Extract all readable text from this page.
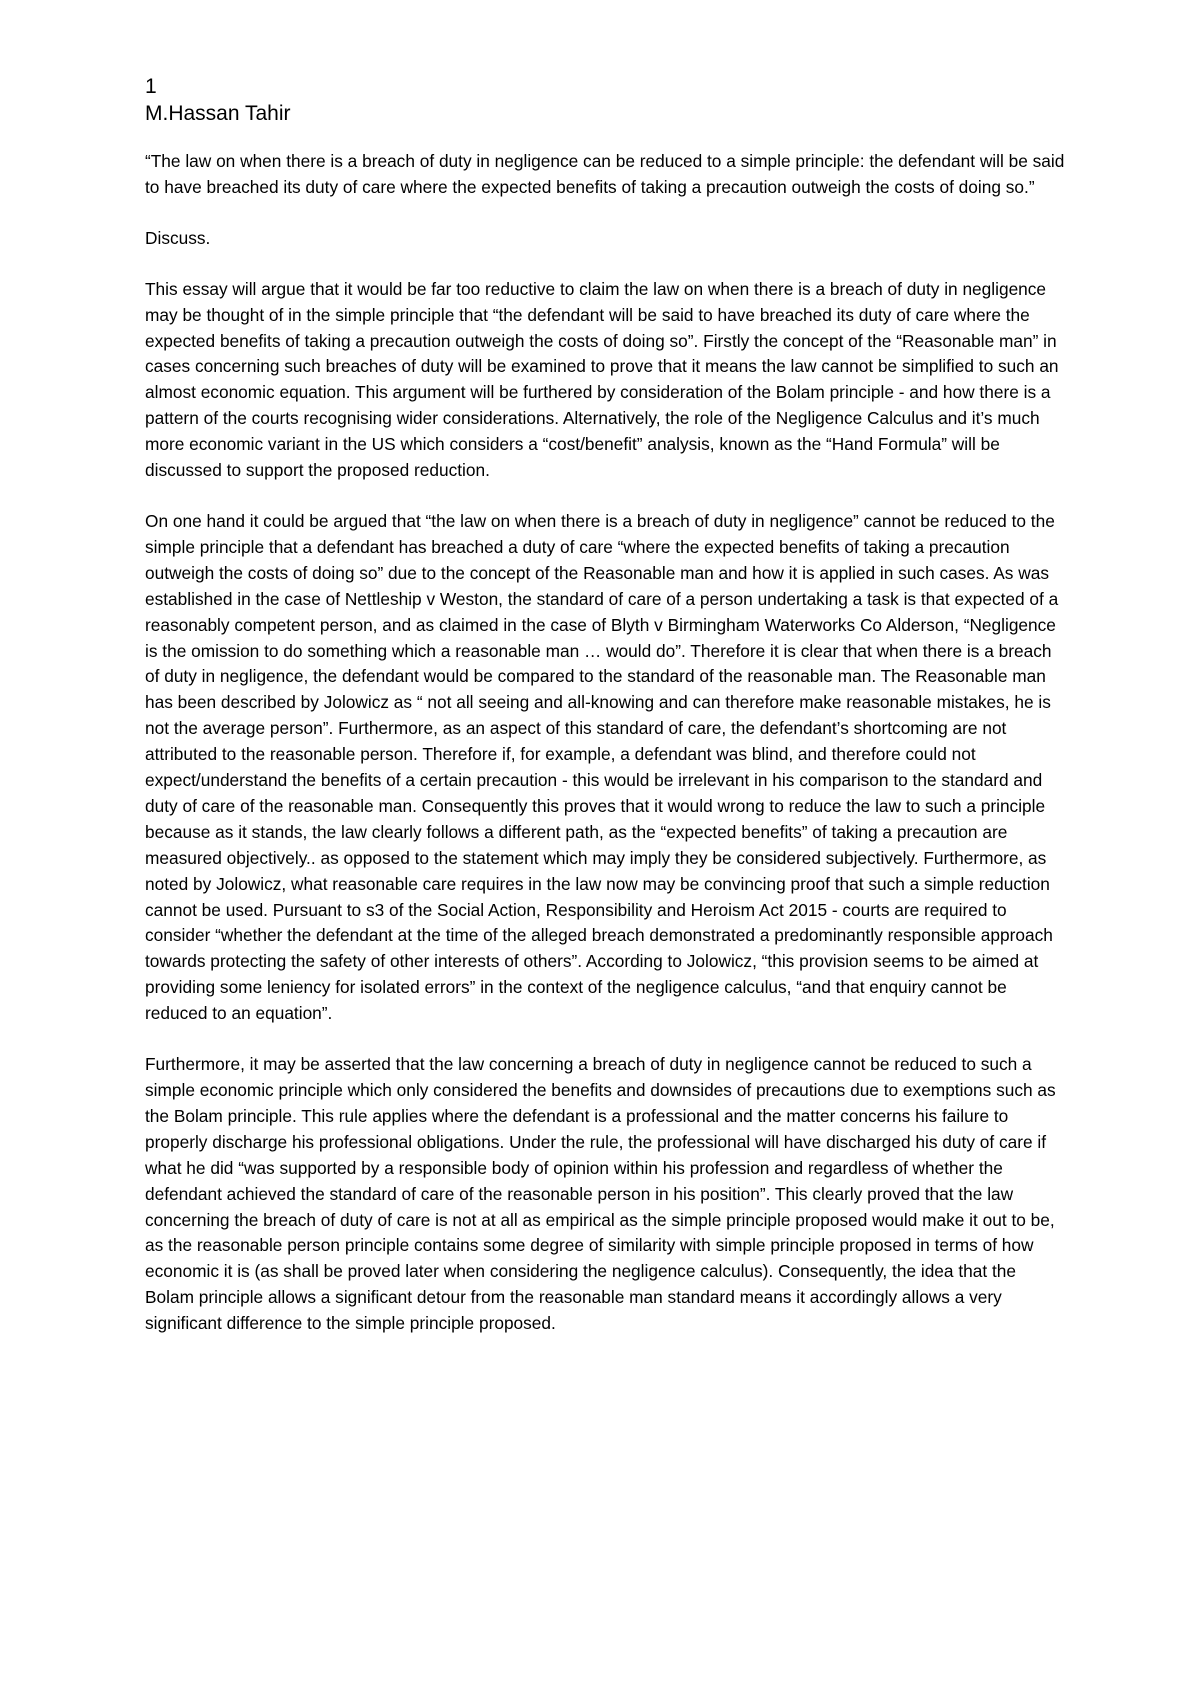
1

M.Hassan Tahir

“The law on when there is a breach of duty in negligence can be reduced to a simple principle: the defendant will be said to have breached its duty of care where the expected benefits of taking a precaution outweigh the costs of doing so.”

Discuss.

This essay will argue that it would be far too reductive to claim the law on when there is a breach of duty in negligence may be thought of in the simple principle that “the defendant will be said to have breached its duty of care where the expected benefits of taking a precaution outweigh the costs of doing so”. Firstly the concept of the “Reasonable man” in cases concerning such breaches of duty will be examined to prove that it means the law cannot be simplified to such an almost economic equation. This argument will be furthered by consideration of the Bolam principle - and how there is a pattern of the courts recognising wider considerations. Alternatively, the role of the Negligence Calculus and it’s much more economic variant in the US which considers a “cost/benefit” analysis, known as the “Hand Formula” will be discussed to support the proposed reduction.

On one hand it could be argued that “the law on when there is a breach of duty in negligence” cannot be reduced to the simple principle that a defendant has breached a duty of care “where the expected benefits of taking a precaution outweigh the costs of doing so” due to the concept of the Reasonable man and how it is applied in such cases. As was established in the case of Nettleship v Weston, the standard of care of a person undertaking a task is that expected of a reasonably competent person, and as claimed in the case of Blyth v Birmingham Waterworks Co Alderson, “Negligence is the omission to do something which a reasonable man … would do”. Therefore it is clear that when there is a breach of duty in negligence, the defendant would be compared to the standard of the reasonable man. The Reasonable man has been described by Jolowicz as “ not all seeing and all-knowing and can therefore make reasonable mistakes, he is not the average person”. Furthermore, as an aspect of this standard of care, the defendant’s shortcoming are not attributed to the reasonable person. Therefore if, for example, a defendant was blind, and therefore could not expect/understand the benefits of a certain precaution - this would be irrelevant in his comparison to the standard and duty of care of the reasonable man. Consequently this proves that it would wrong to reduce the law to such a principle because as it stands, the law clearly follows a different path, as the “expected benefits” of taking a precaution are measured objectively.. as opposed to the statement which may imply they be considered subjectively. Furthermore, as noted by Jolowicz, what reasonable care requires in the law now may be convincing proof that such a simple reduction cannot be used. Pursuant to s3 of the Social Action, Responsibility and Heroism Act 2015 - courts are required to consider “whether the defendant at the time of the alleged breach demonstrated a predominantly responsible approach towards protecting the safety of other interests of others”. According to Jolowicz, “this provision seems to be aimed at providing some leniency for isolated errors” in the context of the negligence calculus, “and that enquiry cannot be reduced to an equation”.

Furthermore, it may be asserted that the law concerning a breach of duty in negligence cannot be reduced to such a simple economic principle which only considered the benefits and downsides of precautions due to exemptions such as the Bolam principle. This rule applies where the defendant is a professional and the matter concerns his failure to properly discharge his professional obligations. Under the rule, the professional will have discharged his duty of care if what he did “was supported by a responsible body of opinion within his profession and regardless of whether the defendant achieved the standard of care of the reasonable person in his position”. This clearly proved that the law concerning the breach of duty of care is not at all as empirical as the simple principle proposed would make it out to be, as the reasonable person principle contains some degree of similarity with simple principle proposed in terms of how economic it is (as shall be proved later when considering the negligence calculus). Consequently, the idea that the Bolam principle allows a significant detour from the reasonable man standard means it accordingly allows a very significant difference to the simple principle proposed.
